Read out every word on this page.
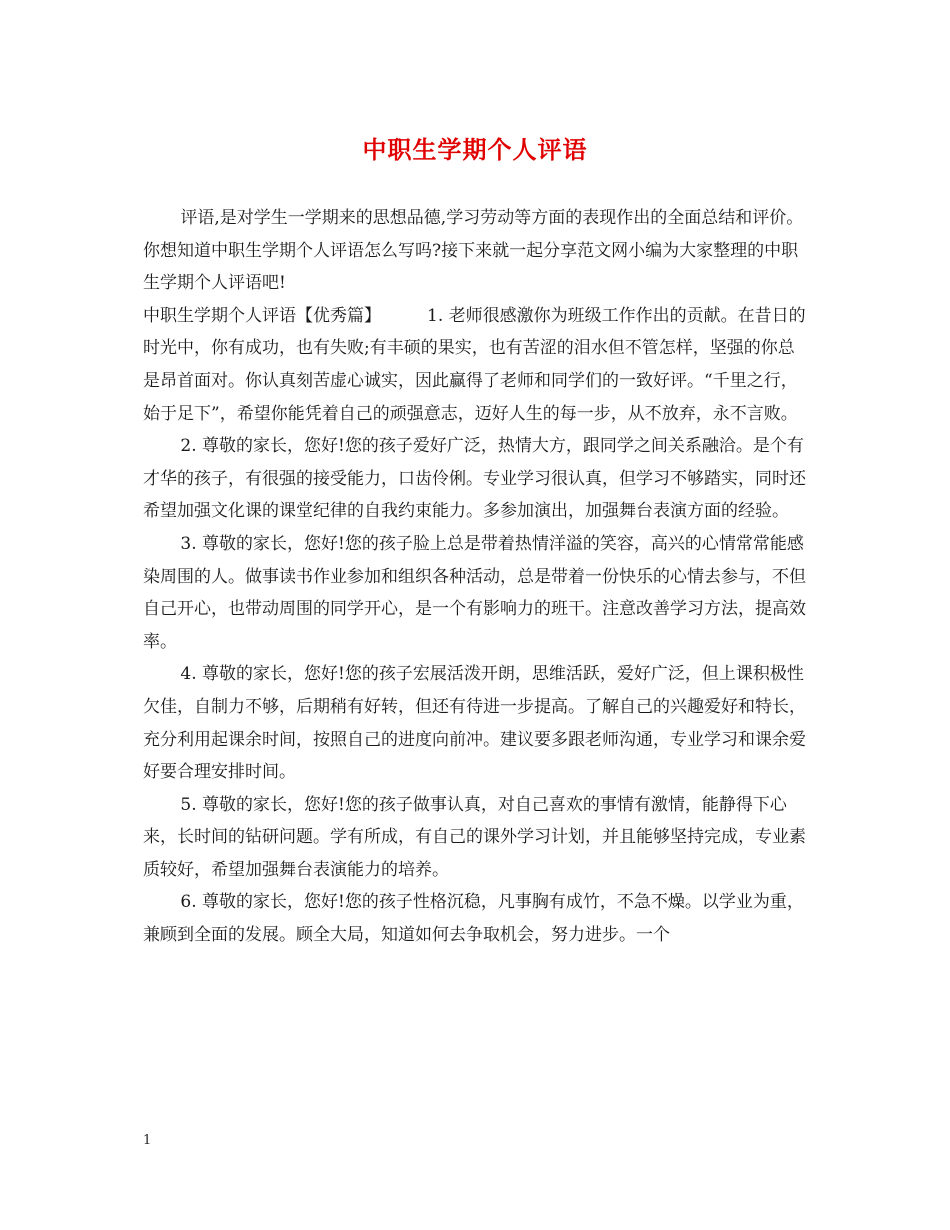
中职生学期个人评语

评语,是对学生一学期来的思想品德,学习劳动等方面的表现作出的全面总结和评价。你想知道中职生学期个人评语怎么写吗?接下来就一起分享范文网小编为大家整理的中职生学期个人评语吧!

中职生学期个人评语【优秀篇】	1. 老师很感激你为班级工作作出的贡献。在昔日的时光中，你有成功，也有失败;有丰硕的果实，也有苦涩的泪水但不管怎样，坚强的你总是昂首面对。你认真刻苦虚心诚实，因此赢得了老师和同学们的一致好评。“千里之行，始于足下”，希望你能凭着自己的顽强意志，迈好人生的每一步，从不放弃，永不言败。

2. 尊敬的家长，您好!您的孩子爱好广泛，热情大方，跟同学之间关系融洽。是个有才华的孩子，有很强的接受能力，口齿伶俐。专业学习很认真，但学习不够踏实，同时还希望加强文化课的课堂纪律的自我约束能力。多参加演出，加强舞台表演方面的经验。

3. 尊敬的家长，您好!您的孩子脸上总是带着热情洋溢的笑容，高兴的心情常常能感染周围的人。做事读书作业参加和组织各种活动，总是带着一份快乐的心情去参与，不但自己开心，也带动周围的同学开心，是一个有影响力的班干。注意改善学习方法，提高效率。

4. 尊敬的家长，您好!您的孩子宏展活泼开朗，思维活跃，爱好广泛，但上课积极性欠佳，自制力不够，后期稍有好转，但还有待进一步提高。了解自己的兴趣爱好和特长，充分利用起课余时间，按照自己的进度向前冲。建议要多跟老师沟通，专业学习和课余爱好要合理安排时间。

5. 尊敬的家长，您好!您的孩子做事认真，对自己喜欢的事情有激情，能静得下心来，长时间的钻研问题。学有所成，有自己的课外学习计划，并且能够坚持完成，专业素质较好，希望加强舞台表演能力的培养。

6. 尊敬的家长，您好!您的孩子性格沉稳，凡事胸有成竹，不急不燥。以学业为重，兼顾到全面的发展。顾全大局，知道如何去争取机会，努力进步。一个

1
